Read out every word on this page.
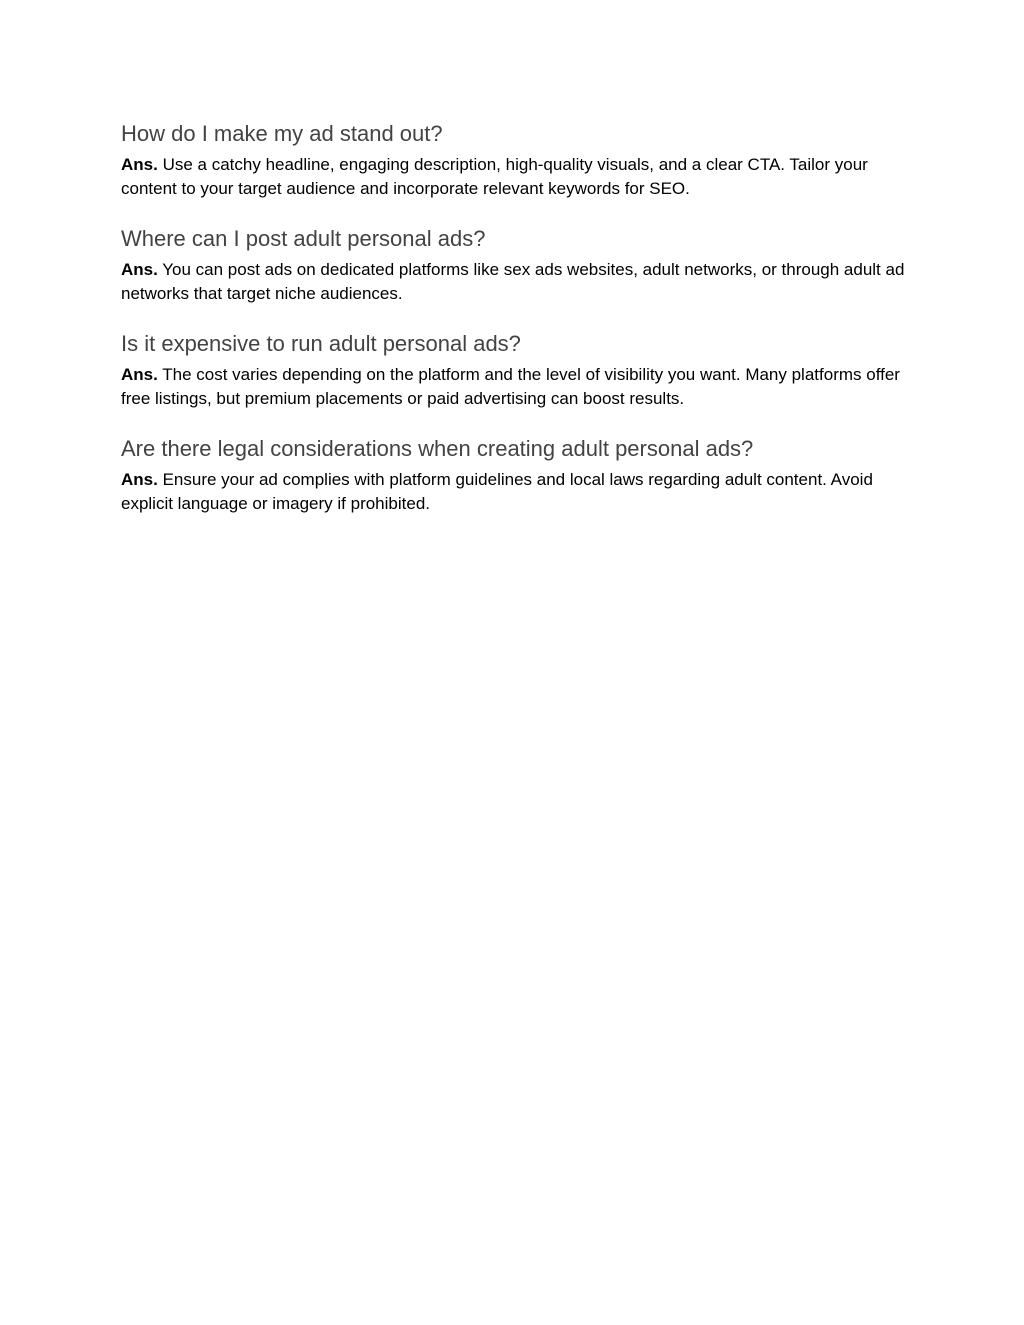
How do I make my ad stand out?

Ans. Use a catchy headline, engaging description, high-quality visuals, and a clear CTA. Tailor your content to your target audience and incorporate relevant keywords for SEO.

Where can I post adult personal ads?

Ans. You can post ads on dedicated platforms like sex ads websites, adult networks, or through adult ad networks that target niche audiences.

Is it expensive to run adult personal ads?

Ans. The cost varies depending on the platform and the level of visibility you want. Many platforms offer free listings, but premium placements or paid advertising can boost results.

Are there legal considerations when creating adult personal ads?

Ans. Ensure your ad complies with platform guidelines and local laws regarding adult content. Avoid explicit language or imagery if prohibited.
